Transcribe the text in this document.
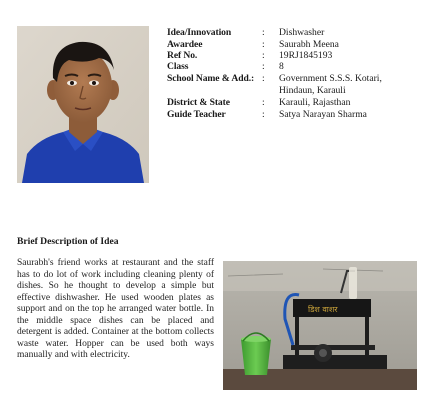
Idea/Innovation	: Dishwasher
Awardee	: Saurabh Meena
Ref No.	: 19RJ1845193
Class	: 8
School Name & Add.: : Government S.S.S. Kotari, Hindaun, Karauli
District & State	: Karauli, Rajasthan
Guide Teacher	: Satya Narayan Sharma
Brief Description of Idea
Saurabh's friend works at restaurant and the staff has to do lot of work including cleaning plenty of dishes. So he thought to develop a simple but effective dishwasher. He used wooden plates as support and on the top he arranged water bottle. In the middle space dishes can be placed and detergent is added. Container at the bottom collects waste water. Hopper can be used both ways manually and with electricity.
डिश वाशर
